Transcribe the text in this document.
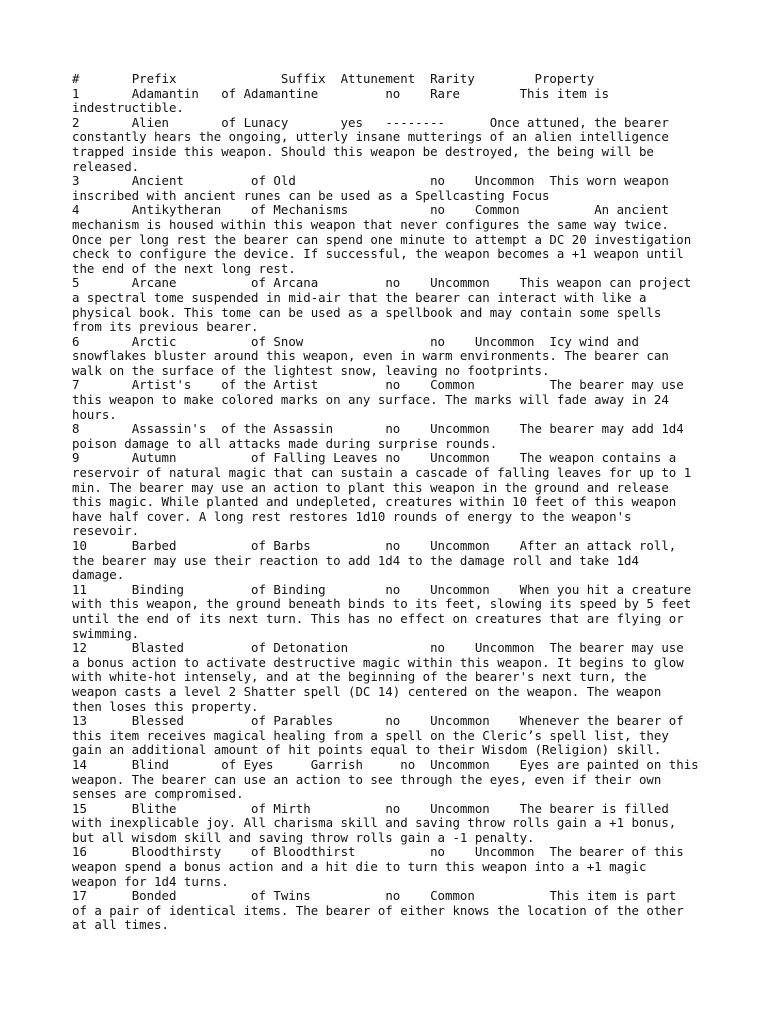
#	Prefix		Suffix  Attunement  Rarity	Property
1	Adamantin   of Adamantine	no	Rare	This item is
indestructible.
2	Alien	of Lunacy	yes	--------	Once attuned, the bearer
constantly hears the ongoing, utterly insane mutterings of an alien intelligence
trapped inside this weapon. Should this weapon be destroyed, the being will be
released.
3	Ancient		of Old			no    Uncommon	This worn weapon
inscribed with ancient runes can be used as a Spellcasting Focus
4	Antikytheran	of Mechanisms		no    Common	An ancient
mechanism is housed within this weapon that never configures the same way twice.
Once per long rest the bearer can spend one minute to attempt a DC 20 investigation
check to configure the device. If successful, the weapon becomes a +1 weapon until
the end of the next long rest.
5	Arcane		of Arcana	no	Uncommon    This weapon can project
a spectral tome suspended in mid-air that the bearer can interact with like a
physical book. This tome can be used as a spellbook and may contain some spells
from its previous bearer.
6	Arctic		of Snow			no    Uncommon	Icy wind and
snowflakes bluster around this weapon, even in warm environments. The bearer can
walk on the surface of the lightest snow, leaving no footprints.
7	Artist's    of the Artist	no	Common		The bearer may use
this weapon to make colored marks on any surface. The marks will fade away in 24
hours.
8	Assassin's  of the Assassin	no	Uncommon    The bearer may add 1d4
poison damage to all attacks made during surprise rounds.
9	Autumn		of Falling Leaves no	Uncommon    The weapon contains a
reservoir of natural magic that can sustain a cascade of falling leaves for up to 1
min. The bearer may use an action to plant this weapon in the ground and release
this magic. While planted and undepleted, creatures within 10 feet of this weapon
have half cover. A long rest restores 1d10 rounds of energy to the weapon's
resevoir.
10	Barbed		of Barbs	no	Uncommon    After an attack roll,
the bearer may use their reaction to add 1d4 to the damage roll and take 1d4
damage.
11	Binding		of Binding	no	Uncommon    When you hit a creature
with this weapon, the ground beneath binds to its feet, slowing its speed by 5 feet
until the end of its next turn. This has no effect on creatures that are flying or
swimming.
12	Blasted		of Detonation		no    Uncommon	The bearer may use
a bonus action to activate destructive magic within this weapon. It begins to glow
with white-hot intensely, and at the beginning of the bearer's next turn, the
weapon casts a level 2 Shatter spell (DC 14) centered on the weapon. The weapon
then loses this property.
13	Blessed		of Parables	no	Uncommon    Whenever the bearer of
this item receives magical healing from a spell on the Cleric’s spell list, they
gain an additional amount of hit points equal to their Wisdom (Religion) skill.
14	Blind	of Eyes	Garrish     no	Uncommon    Eyes are painted on this
weapon. The bearer can use an action to see through the eyes, even if their own
senses are compromised.
15	Blithe		of Mirth	no	Uncommon    The bearer is filled
with inexplicable joy. All charisma skill and saving throw rolls gain a +1 bonus,
but all wisdom skill and saving throw rolls gain a -1 penalty.
16	Bloodthirsty	of Bloodthirst		no    Uncommon	The bearer of this
weapon spend a bonus action and a hit die to turn this weapon into a +1 magic
weapon for 1d4 turns.
17	Bonded		of Twins	no	Common		This item is part
of a pair of identical items. The bearer of either knows the location of the other
at all times.
